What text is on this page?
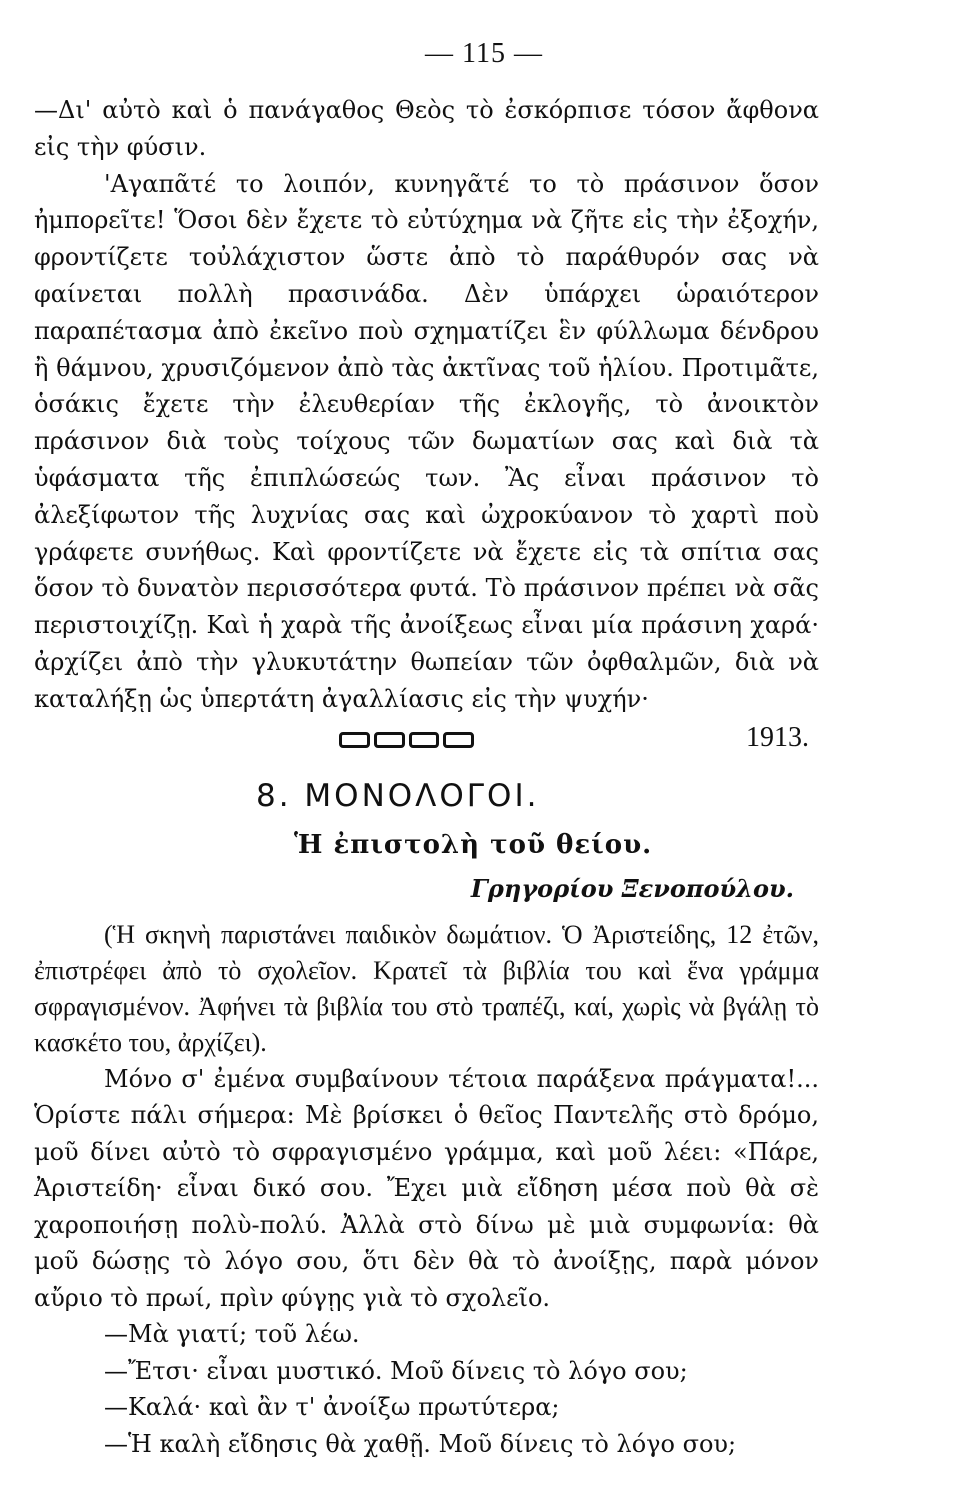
— 115 —

—Δι' αὐτὸ καὶ ὁ πανάγαθος Θεὸς τὸ ἐσκόρπισε τόσον ἄφθονα εἰς τὴν φύσιν.

'Αγαπᾶτέ το λοιπόν, κυνηγᾶτέ το τὸ πράσινον ὅσον ἠμπορεῖτε! Ὅσοι δὲν ἔχετε τὸ εὐτύχημα νὰ ζῆτε εἰς τὴν ἐξοχήν, φροντίζετε τοὐλάχιστον ὥστε ἀπὸ τὸ παράθυρόν σας νὰ φαίνεται πολλὴ πρασινάδα. Δὲν ὑπάρχει ὡραιότερον παραπέτασμα ἀπὸ ἐκεῖνο ποὺ σχηματίζει ἓν φύλλωμα δένδρου ἢ θάμνου, χρυσιζόμενον ἀπὸ τὰς ἀκτῖνας τοῦ ἡλίου. Προτιμᾶτε, ὁσάκις ἔχετε τὴν ἐλευθερίαν τῆς ἐκλογῆς, τὸ ἀνοικτὸν πράσινον διὰ τοὺς τοίχους τῶν δωματίων σας καὶ διὰ τὰ ὑφάσματα τῆς ἐπιπλώσεώς των. Ἂς εἶναι πράσινον τὸ ἀλεξίφωτον τῆς λυχνίας σας καὶ ὠχροκύανον τὸ χαρτὶ ποὺ γράφετε συνήθως. Καὶ φροντίζετε νὰ ἔχετε εἰς τὰ σπίτια σας ὅσον τὸ δυνατὸν περισσότερα φυτά. Τὸ πράσινον πρέπει νὰ σᾶς περιστοιχίζῃ. Καὶ ἡ χαρὰ τῆς ἀνοίξεως εἶναι μία πράσινη χαρά· ἀρχίζει ἀπὸ τὴν γλυκυτάτην θωπείαν τῶν ὀφθαλμῶν, διὰ νὰ καταλήξῃ ὡς ὑπερτάτη ἀγαλλίασις εἰς τὴν ψυχήν·

1913.
8. ΜΟΝΟΛΟΓΟΙ.
Ἡ ἐπιστολὴ τοῦ θείου.
Γρηγορίου Ξενοπούλου.

(Ἡ σκηνὴ παριστάνει παιδικὸν δωμάτιον. Ὁ Ἀριστείδης, 12 ἐτῶν, ἐπιστρέφει ἀπὸ τὸ σχολεῖον. Κρατεῖ τὰ βιβλία του καὶ ἕνα γράμμα σφραγισμένον. Ἀφήνει τὰ βιβλία του στὸ τραπέζι, καί, χωρὶς νὰ βγάλῃ τὸ κασκέτο του, ἀρχίζει).

Μόνο σ' ἐμένα συμβαίνουν τέτοια παράξενα πράγματα!... Ὁρίστε πάλι σήμερα: Μὲ βρίσκει ὁ θεῖος Παντελῆς στὸ δρόμο, μοῦ δίνει αὐτὸ τὸ σφραγισμένο γράμμα, καὶ μοῦ λέει: «Πάρε, Ἀριστείδη· εἶναι δικό σου. Ἔχει μιὰ εἴδηση μέσα ποὺ θὰ σὲ χαροποιήσῃ πολὺ-πολύ. Ἀλλὰ στὸ δίνω μὲ μιὰ συμφωνία: θὰ μοῦ δώσῃς τὸ λόγο σου, ὅτι δὲν θὰ τὸ ἀνοίξῃς, παρὰ μόνον αὔριο τὸ πρωί, πρὶν φύγῃς γιὰ τὸ σχολεῖο.

—Μὰ γιατί; τοῦ λέω.

—Ἔτσι· εἶναι μυστικό. Μοῦ δίνεις τὸ λόγο σου;

—Καλά· καὶ ἂν τ' ἀνοίξω πρωτύτερα;

—Ἡ καλὴ εἴδησις θὰ χαθῇ. Μοῦ δίνεις τὸ λόγο σου;
